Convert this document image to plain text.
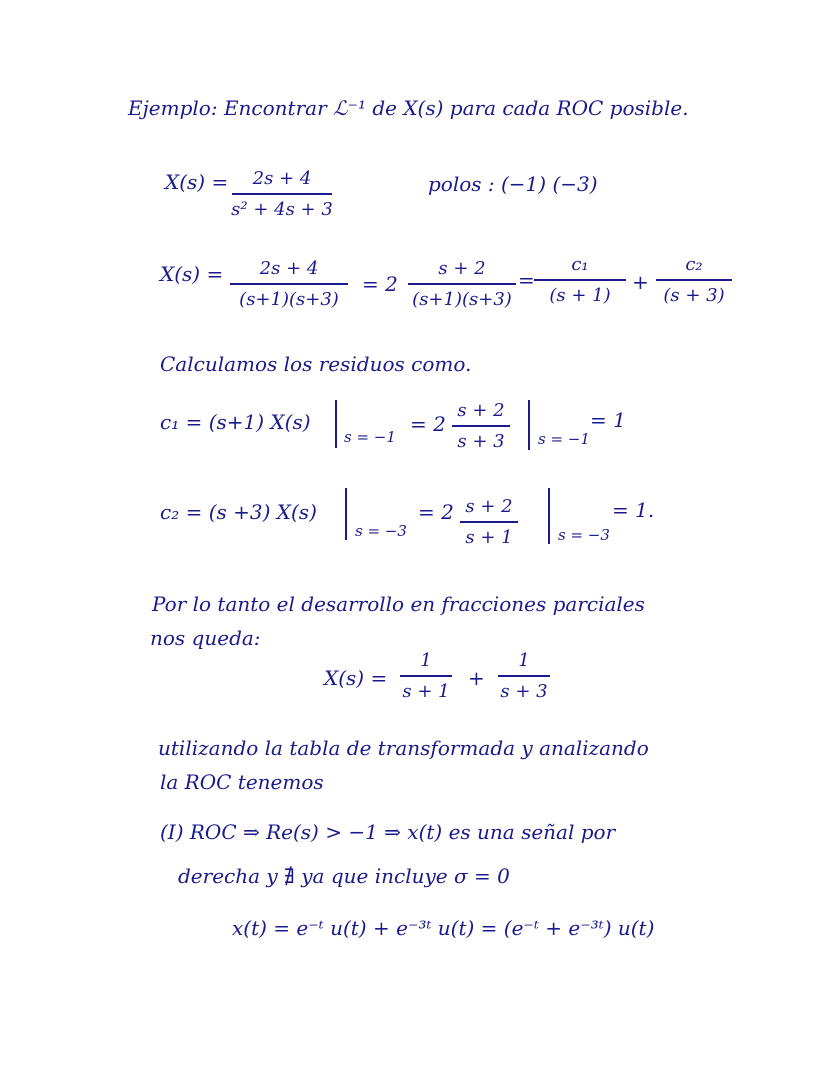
Ejemplo: Encontrar ℒ⁻¹ de X(s) para cada ROC posible.
X(s) = 2s + 4
s² + 4s + 3
polos : (−1) (−3)
X(s) = 2s + 4
(s+1)(s+3)
= 2
s + 2
(s+1)(s+3)
=
c₁
(s + 1)
+
c₂
(s + 3)
Calculamos los residuos como.
c₁ = (s+1) X(s)
s = −1
= 2
s + 2
s + 3 s = −1
= 1
c₂ = (s +3) X(s)
s = −3
= 2 s + 2
s + 1	s = −3
= 1.
Por lo tanto el desarrollo en fracciones parciales
nos queda:
X(s) =
1
s + 1
+
1
s + 3
utilizando la tabla de transformada y analizando
la ROC tenemos
(I) ROC ⇒ Re(s) > −1 ⇒ x(t) es una señal por
derecha y ∄ ya que incluye σ = 0
x(t) = e⁻ᵗ u(t) + e⁻³ᵗ u(t) = (e⁻ᵗ + e⁻³ᵗ) u(t)
